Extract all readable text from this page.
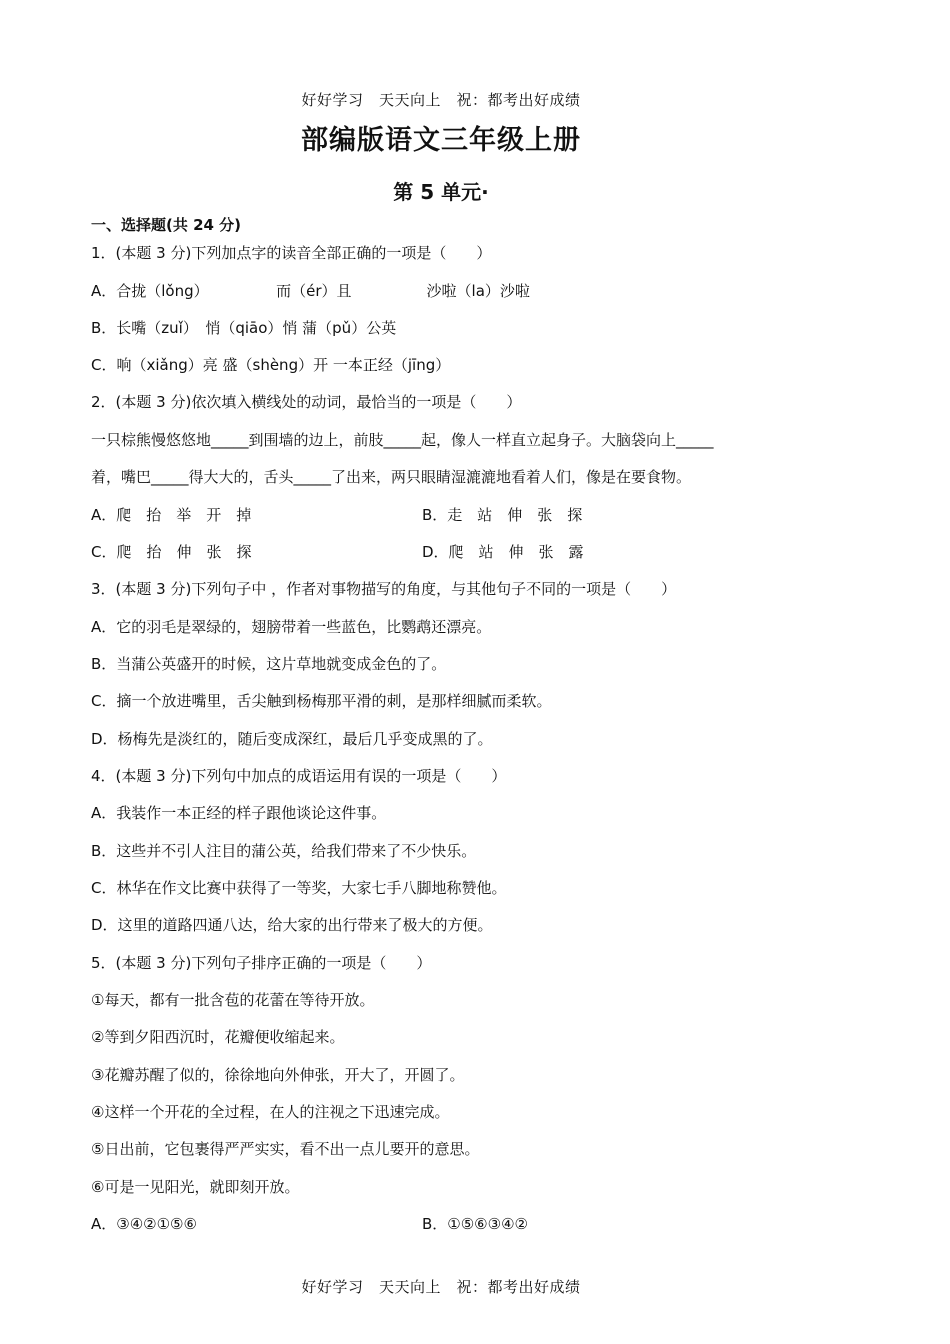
好好学习　天天向上　祝：都考出好成绩
部编版语文三年级上册
第 5 单元·
一、选择题(共 24 分)
1．(本题 3 分)下列加点字的读音全部正确的一项是（　　）
A．合拢（lǒng）　　　　　而（ér）且　　　　　沙啦（la）沙啦
B．长嘴（zuǐ）　悄（qiāo）悄 蒲（pǔ）公英
C．响（xiǎng）亮 盛（shèng）开 一本正经（jīng）
2．(本题 3 分)依次填入横线处的动词，最恰当的一项是（　　）
一只棕熊慢悠悠地_____到围墙的边上，前肢_____起，像人一样直立起身子。大脑袋向上_____
着，嘴巴_____得大大的，舌头_____了出来，两只眼睛湿漉漉地看着人们，像是在要食物。
A．爬　抬　举　开　掉	B．走　站　伸　张　探
C．爬　抬　伸　张　探	D．爬　站　伸　张　露
3．(本题 3 分)下列句子中 ，作者对事物描写的角度，与其他句子不同的一项是（　　）
A．它的羽毛是翠绿的，翅膀带着一些蓝色，比鹦鹉还漂亮。
B．当蒲公英盛开的时候，这片草地就变成金色的了。
C．摘一个放进嘴里，舌尖触到杨梅那平滑的刺，是那样细腻而柔软。
D．杨梅先是淡红的，随后变成深红，最后几乎变成黑的了。
4．(本题 3 分)下列句中加点的成语运用有误的一项是（　　）
A．我装作一本正经的样子跟他谈论这件事。
B．这些并不引人注目的蒲公英，给我们带来了不少快乐。
C．林华在作文比赛中获得了一等奖，大家七手八脚地称赞他。
D．这里的道路四通八达，给大家的出行带来了极大的方便。
5．(本题 3 分)下列句子排序正确的一项是（　　）
①每天，都有一批含苞的花蕾在等待开放。
②等到夕阳西沉时，花瓣便收缩起来。
③花瓣苏醒了似的，徐徐地向外伸张，开大了，开圆了。
④这样一个开花的全过程，在人的注视之下迅速完成。
⑤日出前，它包裹得严严实实，看不出一点儿要开的意思。
⑥可是一见阳光，就即刻开放。
A．③④②①⑤⑥	B．①⑤⑥③④②
好好学习　天天向上　祝：都考出好成绩
